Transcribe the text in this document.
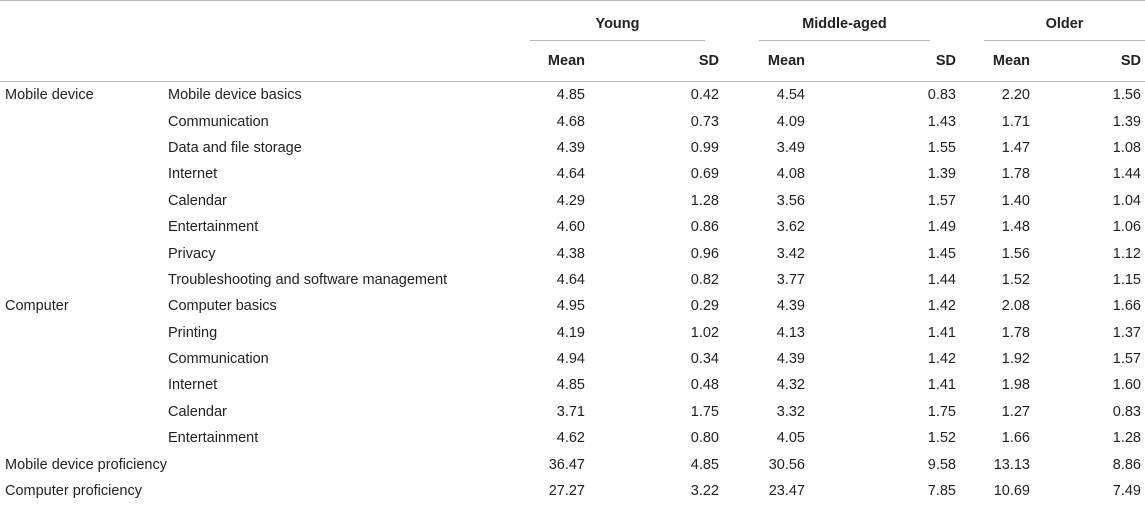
		Young		Middle-aged		Older	

		Mean	SD	Mean	SD	Mean	SD
Mobile device	Mobile device basics	4.85	0.42	4.54	0.83	2.20	1.56
	Communication	4.68	0.73	4.09	1.43	1.71	1.39
	Data and file storage	4.39	0.99	3.49	1.55	1.47	1.08
	Internet	4.64	0.69	4.08	1.39	1.78	1.44
	Calendar	4.29	1.28	3.56	1.57	1.40	1.04
	Entertainment	4.60	0.86	3.62	1.49	1.48	1.06
	Privacy	4.38	0.96	3.42	1.45	1.56	1.12
	Troubleshooting and software management	4.64	0.82	3.77	1.44	1.52	1.15
Computer	Computer basics	4.95	0.29	4.39	1.42	2.08	1.66
	Printing	4.19	1.02	4.13	1.41	1.78	1.37
	Communication	4.94	0.34	4.39	1.42	1.92	1.57
	Internet	4.85	0.48	4.32	1.41	1.98	1.60
	Calendar	3.71	1.75	3.32	1.75	1.27	0.83
	Entertainment	4.62	0.80	4.05	1.52	1.66	1.28
Mobile device proficiency		36.47	4.85	30.56	9.58	13.13	8.86
Computer proficiency		27.27	3.22	23.47	7.85	10.69	7.49
